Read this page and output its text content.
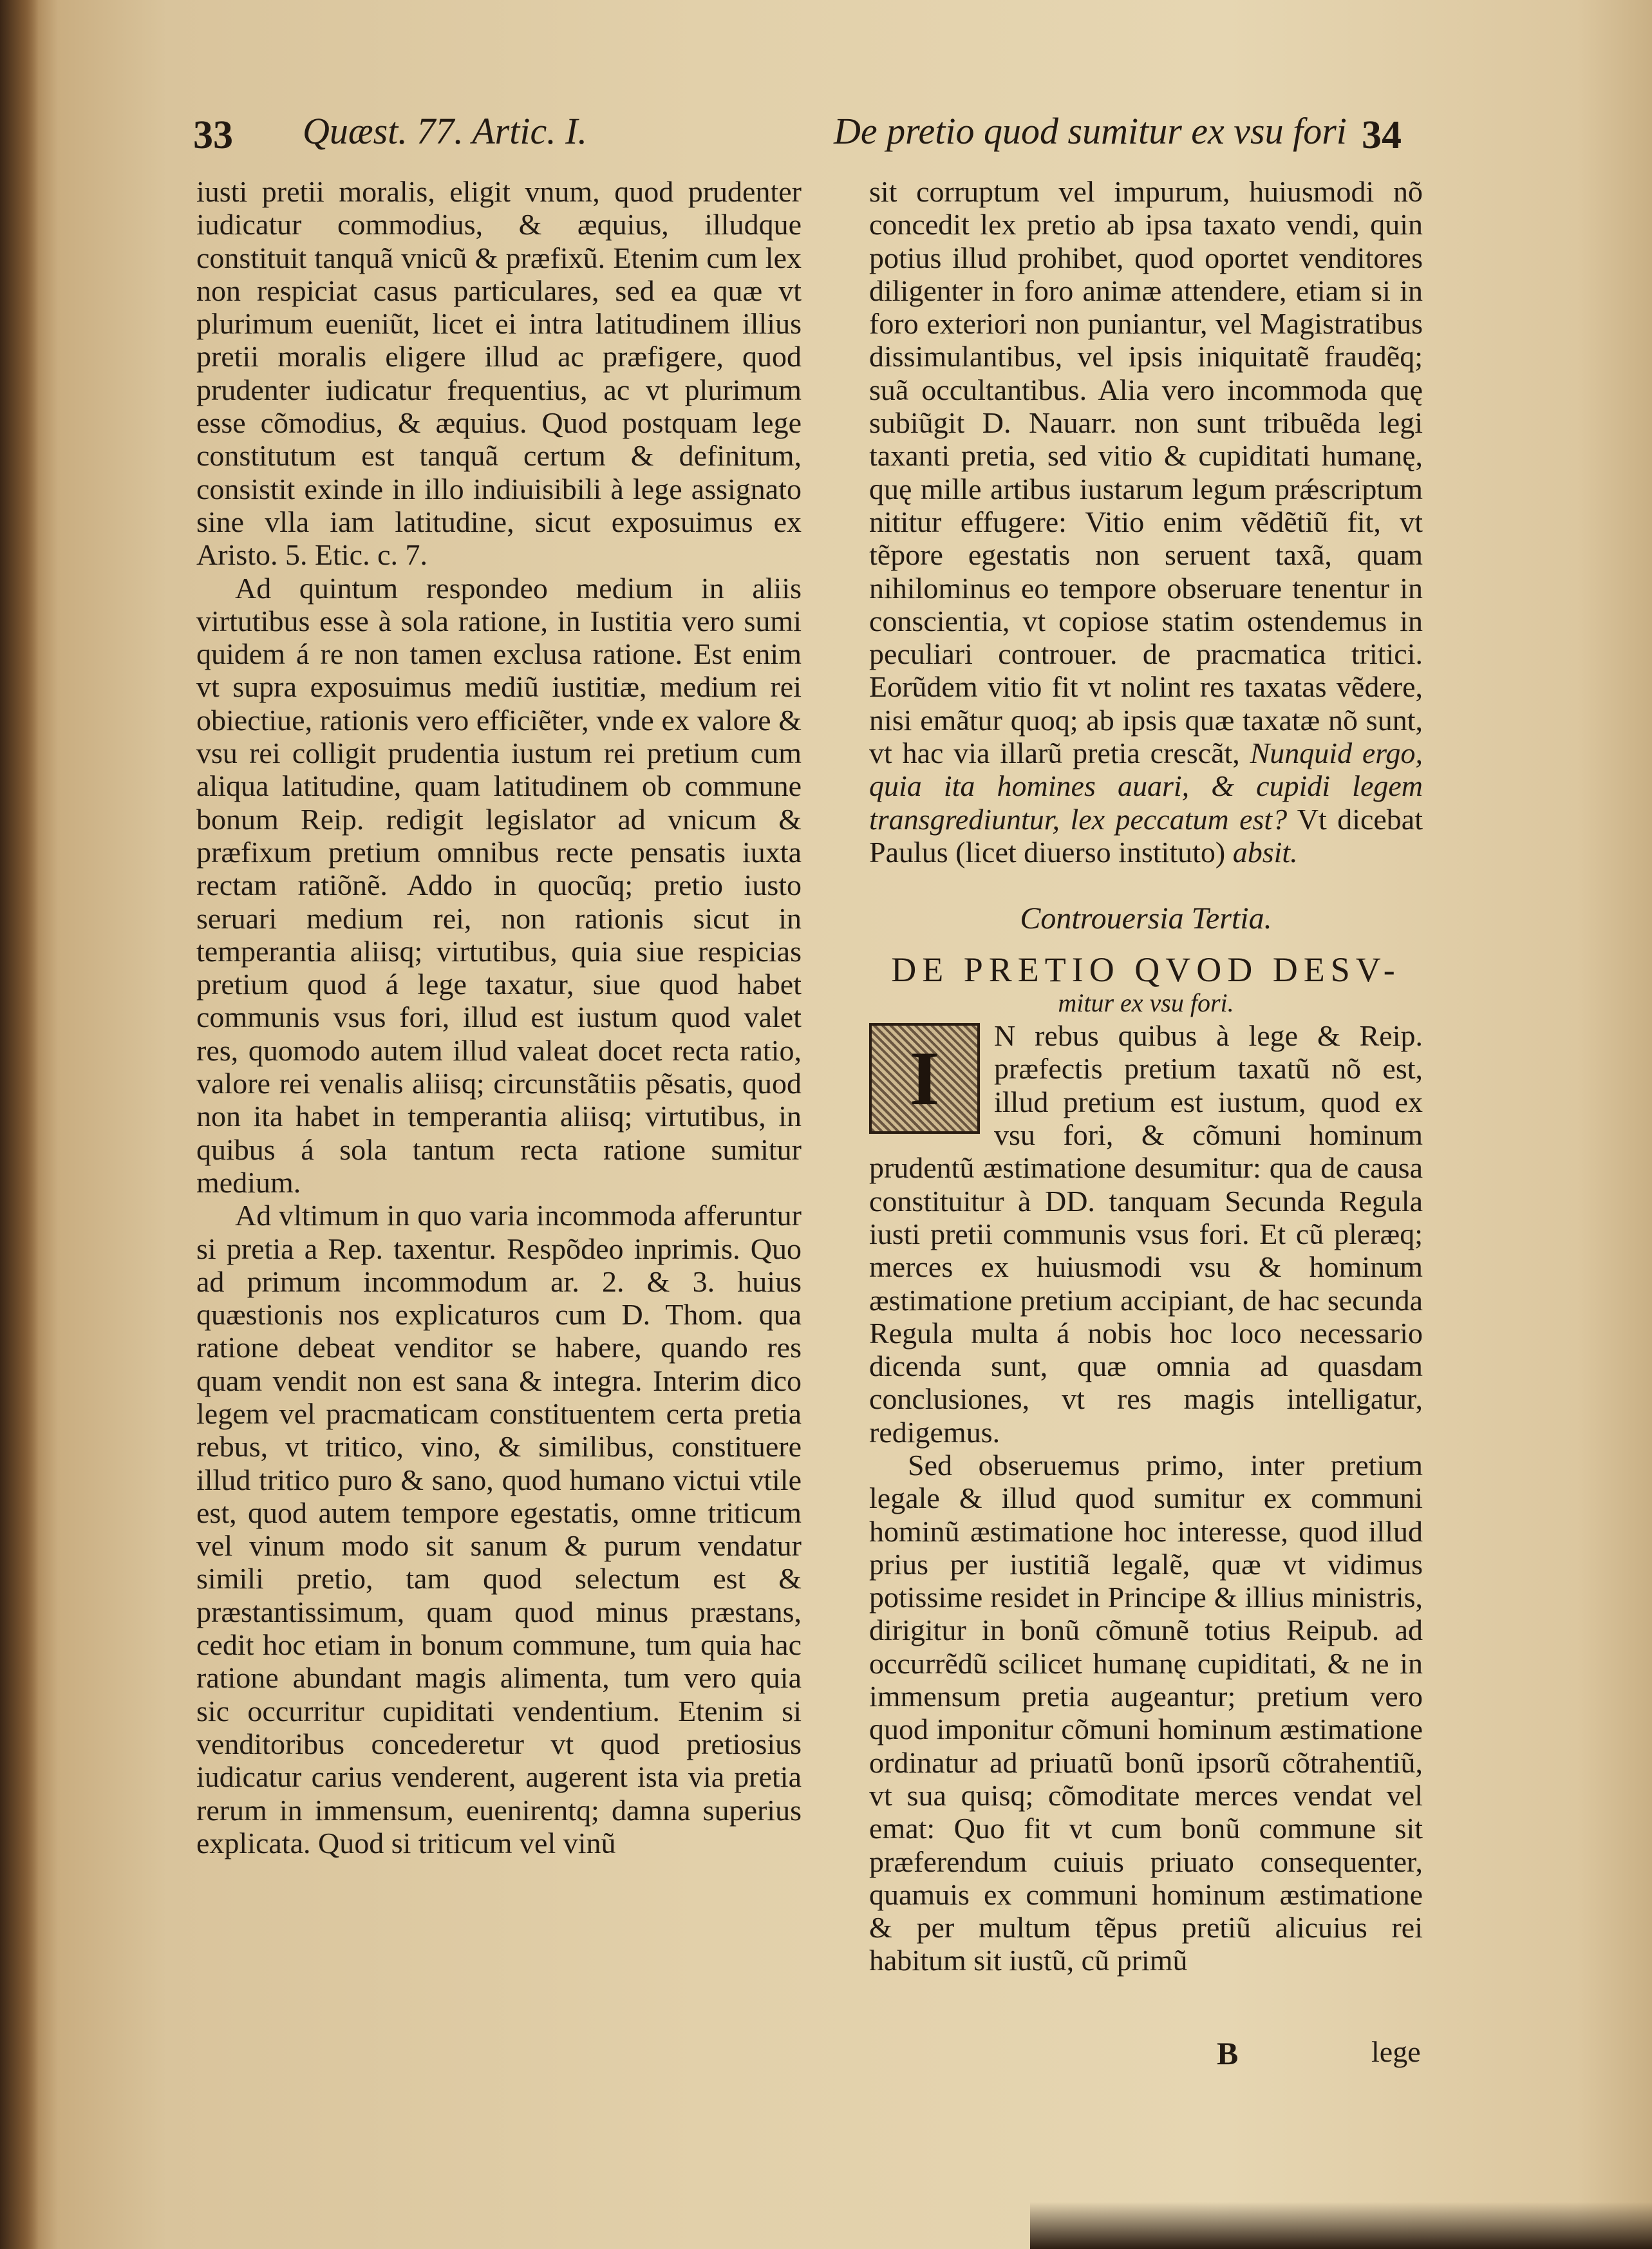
33 Quæst. 77. Artic. I.	De pretio quod sumitur ex vsu fori 34

iusti pretii moralis, eligit vnum, quod prudenter iudicatur commodius, & æquius, illudque constituit tanquã vnicũ & præfixũ. Etenim cum lex non respiciat casus particulares, sed ea quæ vt plurimum eueniũt, licet ei intra latitudinem illius pretii moralis eligere illud ac præfigere, quod prudenter iudicatur frequentius, ac vt plurimum esse cõmodius, & æquius. Quod postquam lege constitutum est tanquã certum & definitum, consistit exinde in illo indiuisibili à lege assignato sine vlla iam latitudine, sicut exposuimus ex Aristo. 5. Etic. c. 7.

Ad quintum respondeo medium in aliis virtutibus esse à sola ratione, in Iustitia vero sumi quidem á re non tamen exclusa ratione. Est enim vt supra exposuimus mediũ iustitiæ, medium rei obiectiue, rationis vero efficiẽter, vnde ex valore & vsu rei colligit prudentia iustum rei pretium cum aliqua latitudine, quam latitudinem ob commune bonum Reip. redigit legislator ad vnicum & præfixum pretium omnibus recte pensatis iuxta rectam ratiõnẽ. Addo in quocũq; pretio iusto seruari medium rei, non rationis sicut in temperantia aliisq; virtutibus, quia siue respicias pretium quod á lege taxatur, siue quod habet communis vsus fori, illud est iustum quod valet res, quomodo autem illud valeat docet recta ratio, valore rei venalis aliisq; circunstãtiis pẽsatis, quod non ita habet in temperantia aliisq; virtutibus, in quibus á sola tantum recta ratione sumitur medium.

Ad vltimum in quo varia incommoda afferuntur si pretia a Rep. taxentur. Respõdeo inprimis. Quo ad primum incommodum ar. 2. & 3. huius quæstionis nos explicaturos cum D. Thom. qua ratione debeat venditor se habere, quando res quam vendit non est sana & integra. Interim dico legem vel pracmaticam constituentem certa pretia rebus, vt tritico, vino, & similibus, constituere illud tritico puro & sano, quod humano victui vtile est, quod autem tempore egestatis, omne triticum vel vinum modo sit sanum & purum vendatur simili pretio, tam quod selectum est & præstantissimum, quam quod minus præstans, cedit hoc etiam in bonum commune, tum quia hac ratione abundant magis alimenta, tum vero quia sic occurritur cupiditati vendentium. Etenim si venditoribus concederetur vt quod pretiosius iudicatur carius venderent, augerent ista via pretia rerum in immensum, euenirentq; damna superius explicata. Quod si triticum vel vinũ

sit corruptum vel impurum, huiusmodi nõ concedit lex pretio ab ipsa taxato vendi, quin potius illud prohibet, quod oportet venditores diligenter in foro animæ attendere, etiam si in foro exteriori non puniantur, vel Magistratibus dissimulantibus, vel ipsis iniquitatẽ fraudẽq; suã occultantibus. Alia vero incommoda quę subiũgit D. Nauarr. non sunt tribuẽda legi taxanti pretia, sed vitio & cupiditati humanę, quę mille artibus iustarum legum prǽscriptum nititur effugere: Vitio enim vẽdẽtiũ fit, vt tẽpore egestatis non seruent taxã, quam nihilominus eo tempore obseruare tenentur in conscientia, vt copiose statim ostendemus in peculiari controuer. de pracmatica tritici. Eorũdem vitio fit vt nolint res taxatas vẽdere, nisi emãtur quoq; ab ipsis quæ taxatæ nõ sunt, vt hac via illarũ pretia crescãt, Nunquid ergo, quia ita homines auari, & cupidi legem transgrediuntur, lex peccatum est? Vt dicebat Paulus (licet diuerso instituto) absit.

Controuersia Tertia.

DE PRETIO QVOD DESV-

mitur ex vsu fori.

I	N rebus quibus à lege & Reip. præfectis pretium taxatũ nõ est, illud pretium est iustum, quod ex vsu fori, & cõmuni hominum prudentũ æstimatione desumitur: qua de causa constituitur à DD. tanquam Secunda Regula iusti pretii communis vsus fori. Et cũ pleræq; merces ex huiusmodi vsu & hominum æstimatione pretium accipiant, de hac secunda Regula multa á nobis hoc loco necessario dicenda sunt, quæ omnia ad quasdam conclusiones, vt res magis intelligatur, redigemus.

Sed obseruemus primo, inter pretium legale & illud quod sumitur ex communi hominũ æstimatione hoc interesse, quod illud prius per iustitiã legalẽ, quæ vt vidimus potissime residet in Principe & illius ministris, dirigitur in bonũ cõmunẽ totius Reipub. ad occurrẽdũ scilicet humanę cupiditati, & ne in immensum pretia augeantur; pretium vero quod imponitur cõmuni hominum æstimatione ordinatur ad priuatũ bonũ ipsorũ cõtrahentiũ, vt sua quisq; cõmoditate merces vendat vel emat: Quo fit vt cum bonũ commune sit præferendum cuiuis priuato consequenter, quamuis ex communi hominum æstimatione & per multum tẽpus pretiũ alicuius rei habitum sit iustũ, cũ primũ

B	lege
